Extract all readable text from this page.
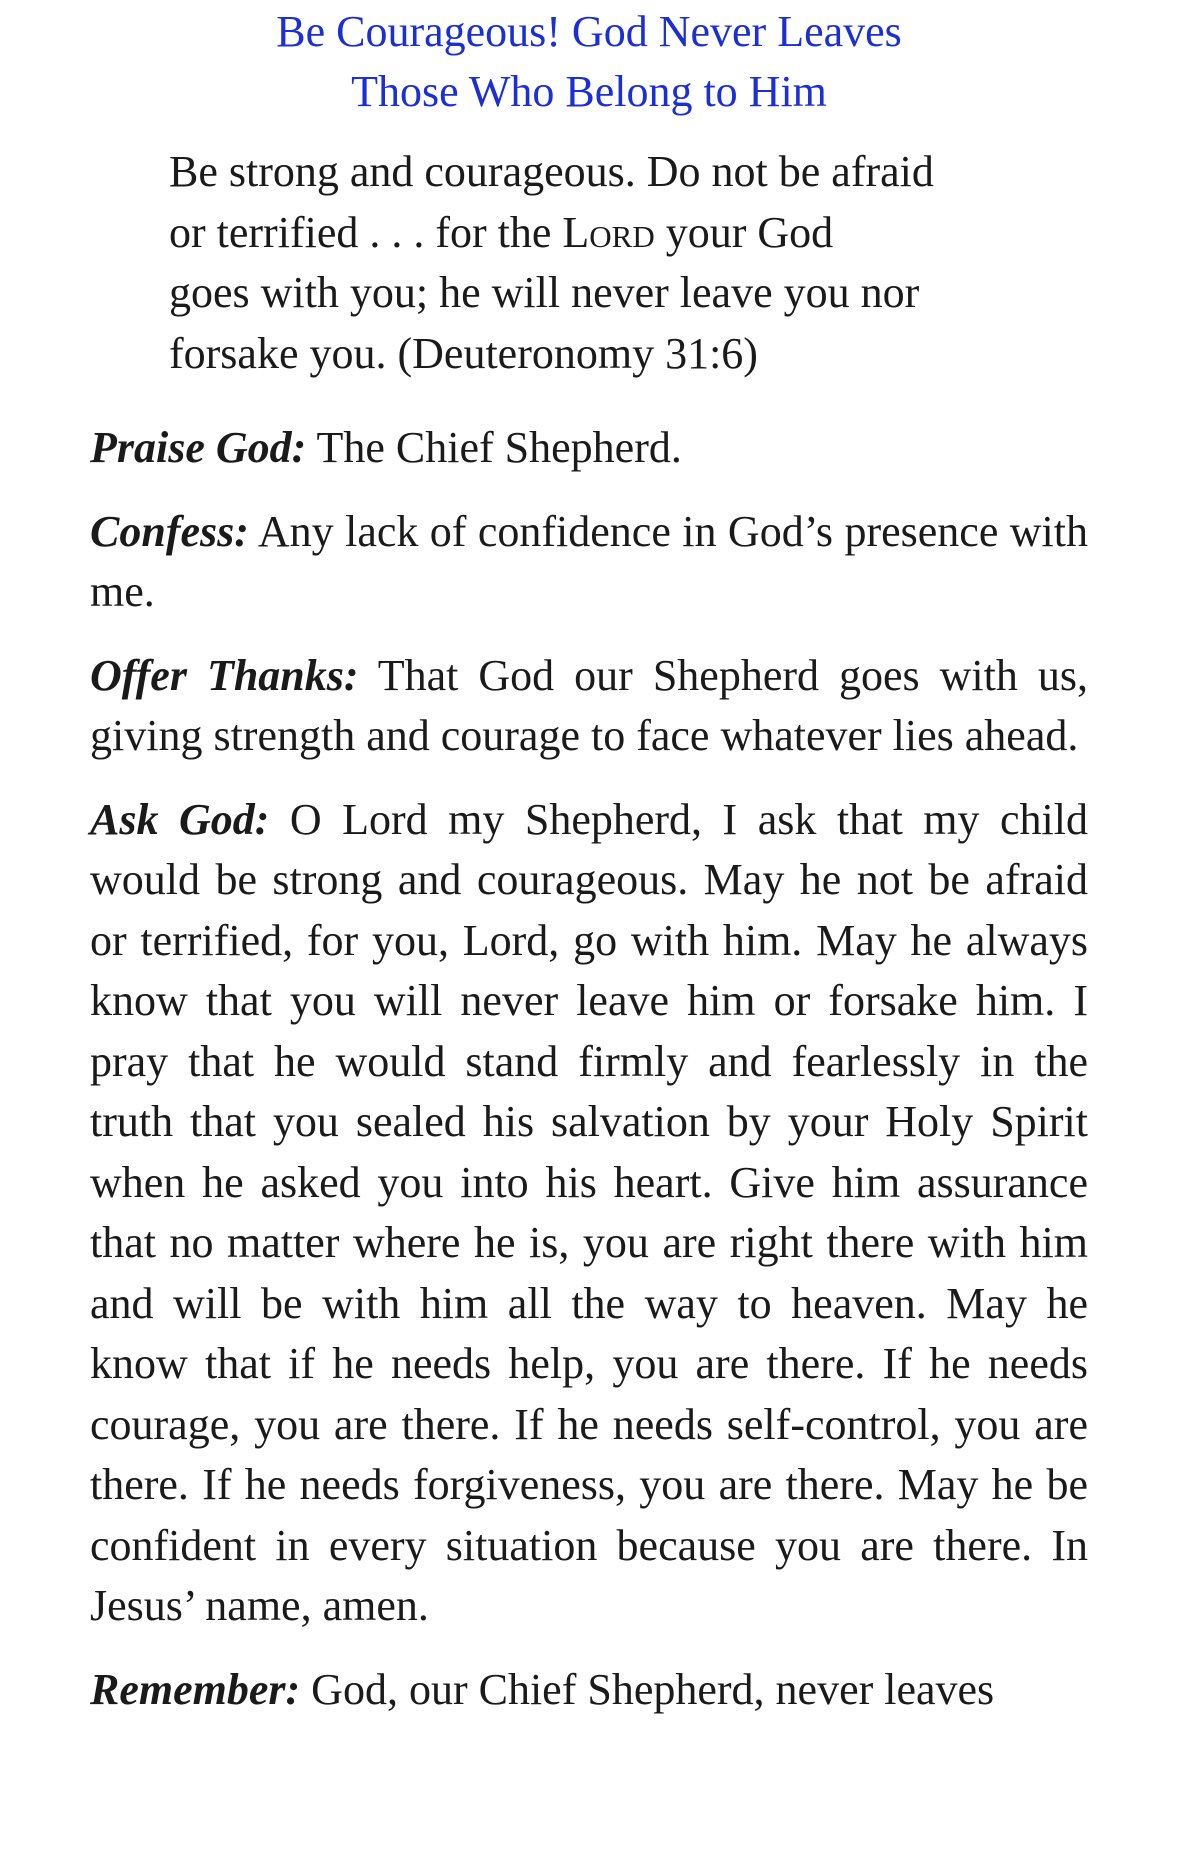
Be Courageous! God Never Leaves
Those Who Belong to Him
Be strong and courageous. Do not be afraid
or terrified . . . for the Lord your God
goes with you; he will never leave you nor
forsake you. (Deuteronomy 31:6)

Praise God: The Chief Shepherd.

Confess: Any lack of confidence in God’s presence with me.

Offer Thanks: That God our Shepherd goes with us, giving strength and courage to face whatever lies ahead.

Ask God: O Lord my Shepherd, I ask that my child would be strong and courageous. May he not be afraid or terrified, for you, Lord, go with him. May he always know that you will never leave him or forsake him. I pray that he would stand firmly and fearlessly in the truth that you sealed his salvation by your Holy Spirit when he asked you into his heart. Give him assurance that no matter where he is, you are right there with him and will be with him all the way to heaven. May he know that if he needs help, you are there. If he needs courage, you are there. If he needs self-control, you are there. If he needs forgiveness, you are there. May he be confident in every situation because you are there. In Jesus’ name, amen.

Remember: God, our Chief Shepherd, never leaves
